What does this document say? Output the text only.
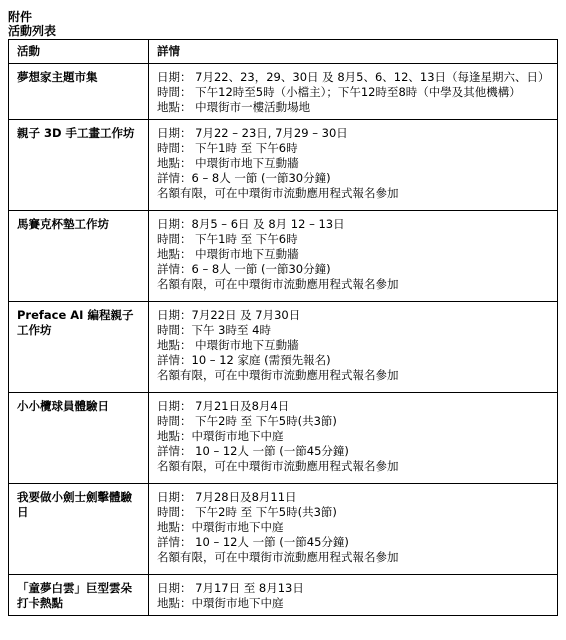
附件
活動列表
活動	詳情
夢想家主題市集	日期： 7月22、23，29、30日 及 8月5、6、12、13日（每逢星期六、日）
時間： 下午12時至5時（小檔主）；下午12時至8時（中學及其他機構）
地點： 中環街市一樓活動場地

親子 3D 手工畫工作坊	日期： 7月22 – 23日, 7月29 – 30日
時間： 下午1時 至 下午6時
地點： 中環街市地下互動牆
詳情：6 – 8人 一節 (一節30分鐘)
名額有限，可在中環街市流動應用程式報名參加

馬賽克杯墊工作坊	日期：8月5 – 6日 及 8月 12 – 13日
時間： 下午1時 至 下午6時
地點： 中環街市地下互動牆
詳情：6 – 8人 一節 (一節30分鐘)
名額有限，可在中環街市流動應用程式報名參加

Preface AI 編程親子工作坊	日期：7月22日 及 7月30日
時間：下午 3時至 4時
地點： 中環街市地下互動牆
詳情：10 – 12 家庭 (需預先報名)
名額有限，可在中環街市流動應用程式報名參加

小小欖球員體驗日	日期： 7月21日及8月4日
時間： 下午2時 至 下午5時(共3節)
地點：中環街市地下中庭
詳情： 10 – 12人 一節 (一節45分鐘)
名額有限，可在中環街市流動應用程式報名參加

我要做小劍士劍擊體驗日	日期： 7月28日及8月11日
時間： 下午2時 至 下午5時(共3節)
地點：中環街市地下中庭
詳情： 10 – 12人 一節 (一節45分鐘)
名額有限，可在中環街市流動應用程式報名參加

「童夢白雲」巨型雲朵打卡熱點	日期： 7月17日 至 8月13日
地點：中環街市地下中庭
